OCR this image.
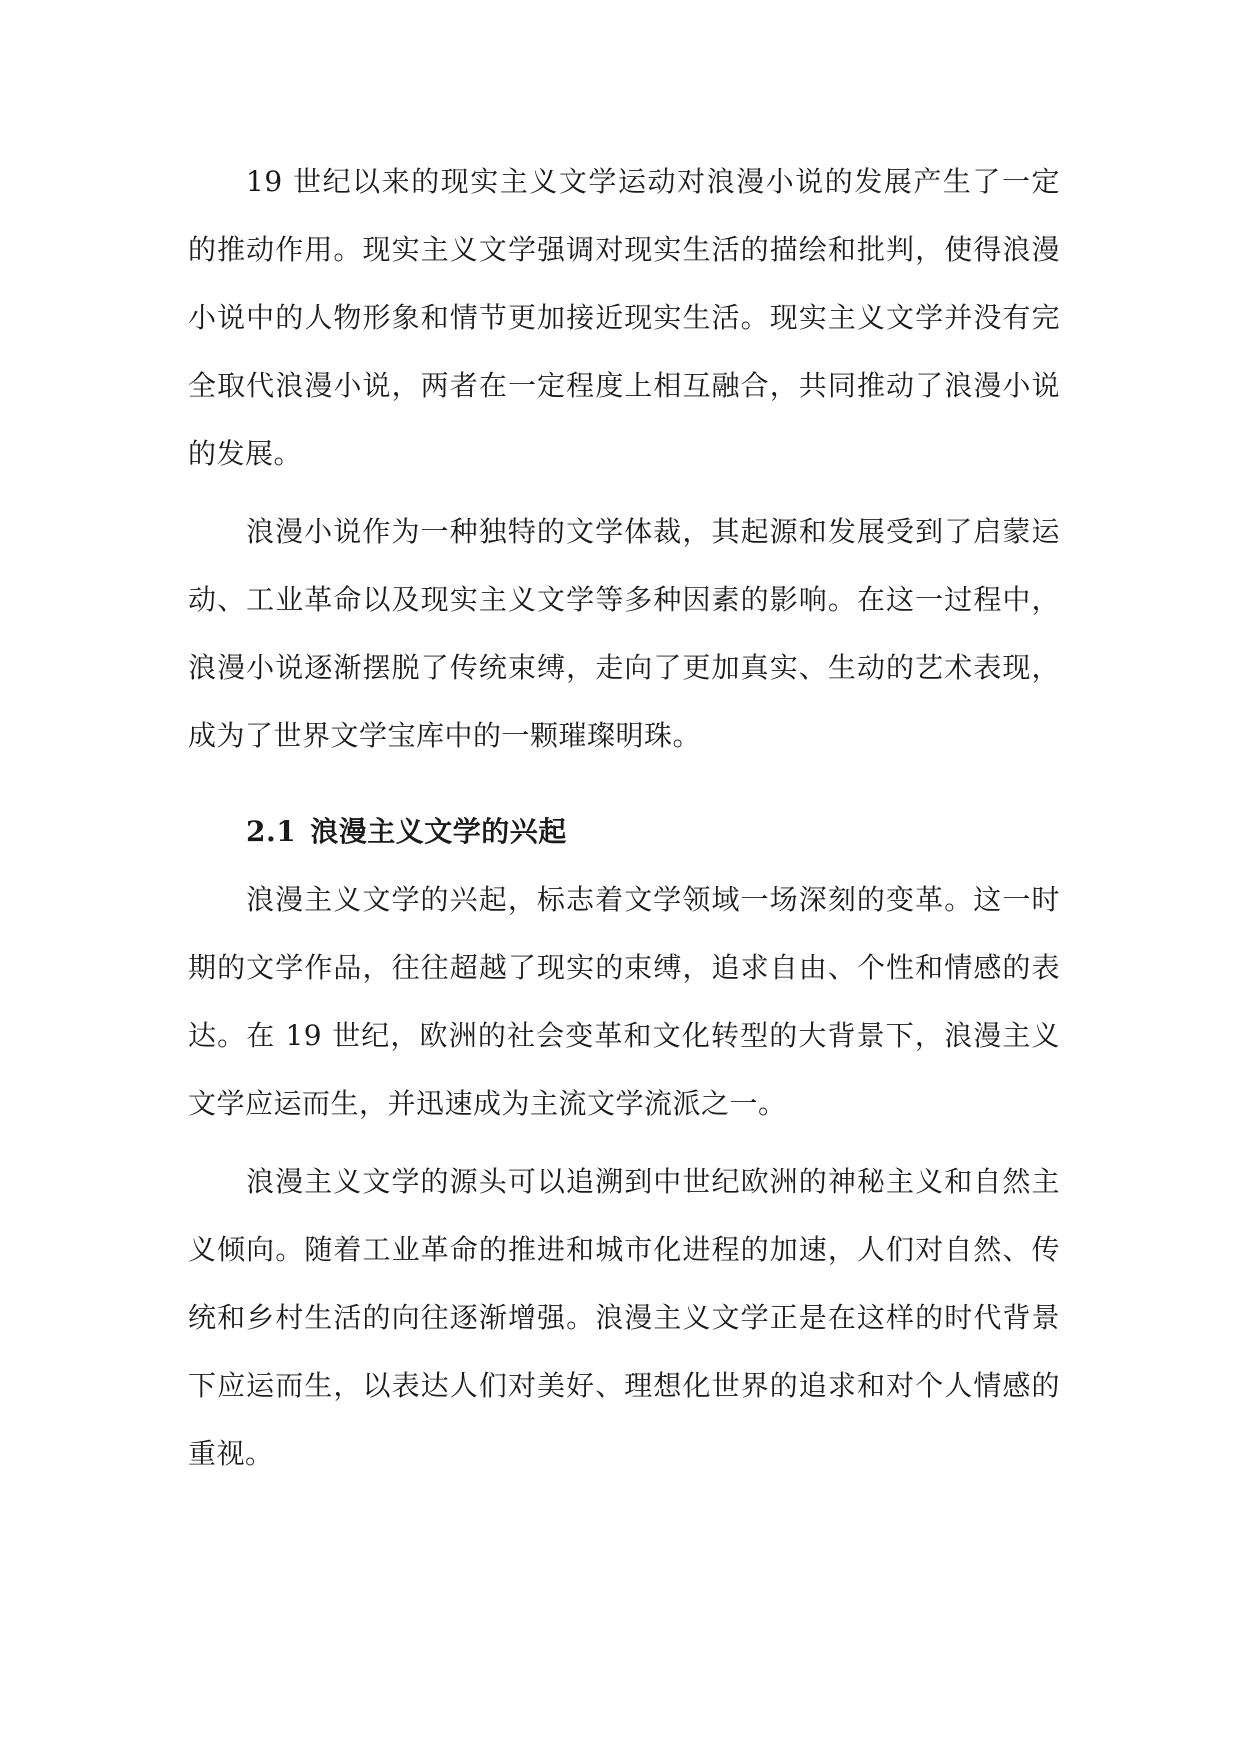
19 世纪以来的现实主义文学运动对浪漫小说的发展产生了一定的推动作用。现实主义文学强调对现实生活的描绘和批判，使得浪漫小说中的人物形象和情节更加接近现实生活。现实主义文学并没有完全取代浪漫小说，两者在一定程度上相互融合，共同推动了浪漫小说的发展。

浪漫小说作为一种独特的文学体裁，其起源和发展受到了启蒙运动、工业革命以及现实主义文学等多种因素的影响。在这一过程中，浪漫小说逐渐摆脱了传统束缚，走向了更加真实、生动的艺术表现，成为了世界文学宝库中的一颗璀璨明珠。

2.1 浪漫主义文学的兴起

浪漫主义文学的兴起，标志着文学领域一场深刻的变革。这一时期的文学作品，往往超越了现实的束缚，追求自由、个性和情感的表达。在 19 世纪，欧洲的社会变革和文化转型的大背景下，浪漫主义文学应运而生，并迅速成为主流文学流派之一。

浪漫主义文学的源头可以追溯到中世纪欧洲的神秘主义和自然主义倾向。随着工业革命的推进和城市化进程的加速，人们对自然、传统和乡村生活的向往逐渐增强。浪漫主义文学正是在这样的时代背景下应运而生，以表达人们对美好、理想化世界的追求和对个人情感的重视。
